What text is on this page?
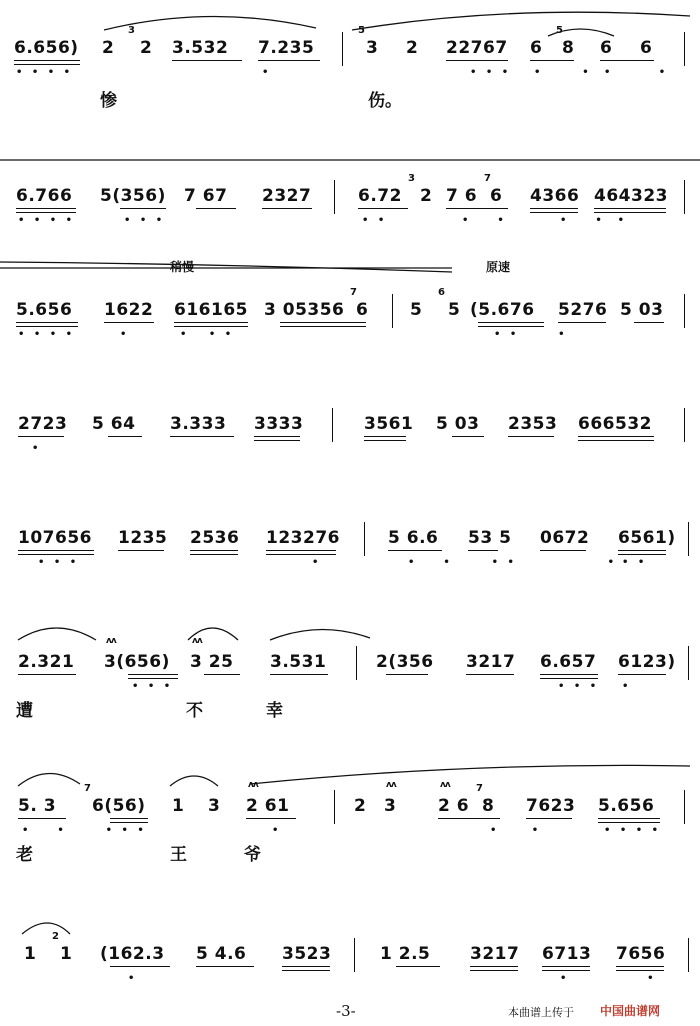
6.656) 2
3
2 3.532 7.235
5
3 2 22767 6
5
8 6 6
• • • •	•	• • • •      • •       •
惨	伤。
6.766 5(356) 7 67 2327	6.72
3
2 7 6
7
6 4366 464323
• • • •	• • •	• •	•    •	•    •  •
稍慢	原速
5.656 1622 616165 3 05356
7
6 5
6
5 (5.676 5276 5 03
• • • •	•	•   • •	• •      •
2723 5 64 3.333 3333	3561 5 03 2353 666532
•
107656 1235 2536 123276	5 6.6 53 5 0672 6561)
• • •	•	•    •      • •              • • •
2.321 3(656) 3 25 3.531	2(356 3217 6.657 6123)
ʌʌ	ʌʌ
• • •	• • • •
遭	不	幸
5. 3
7
6(56) 1 3 2 61	2 3 2 6
7
8 7623 5.656
ʌʌ	ʌʌ	ʌʌ
•    •      • • •	•	•     •	• • • •
老	王	爷
1
2
1 (162.3 5 4.6 3523	1 2.5 3217 6713 7656
•	•            •
-3-	本曲谱上传于 中国曲谱网
